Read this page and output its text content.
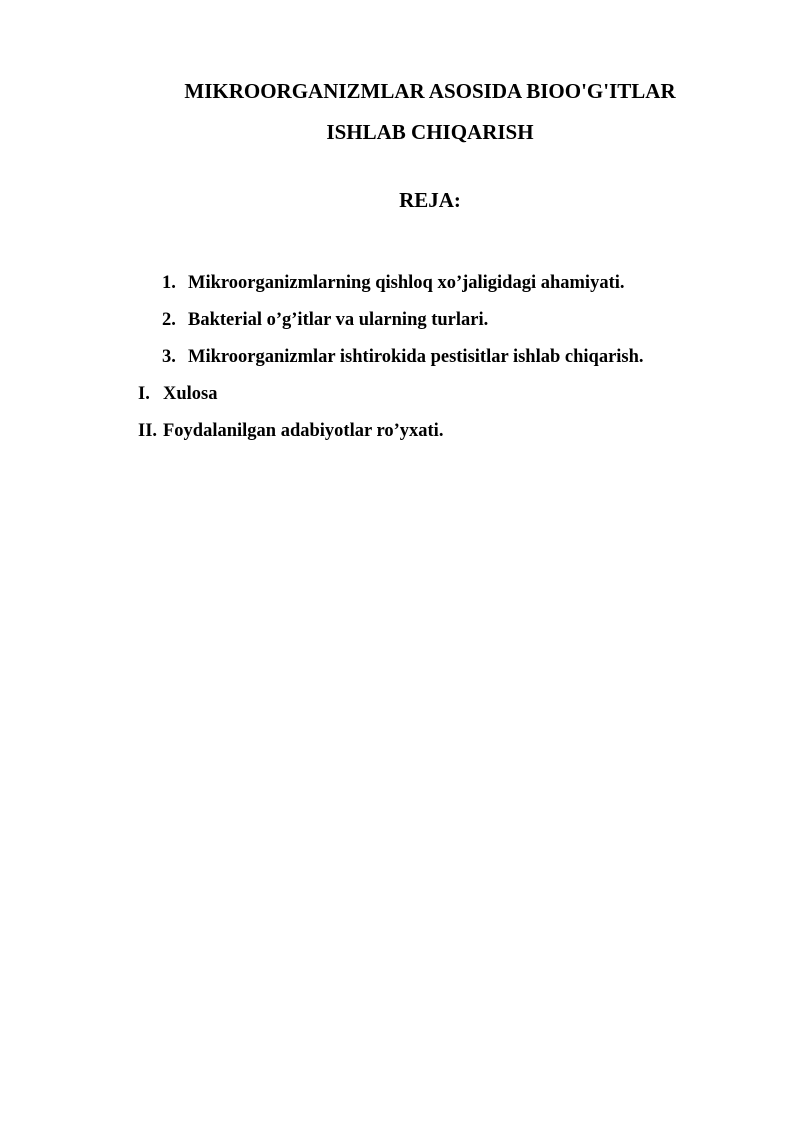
MIKROORGANIZMLAR ASOSIDA BIOO'G'ITLAR
ISHLAB CHIQARISH
REJA:
1. Mikroorganizmlarning qishloq xo’jaligidagi ahamiyati.
2. Bakterial o’g’itlar va ularning turlari.
3. Mikroorganizmlar ishtirokida pestisitlar ishlab chiqarish.
I. Xulosa
II. Foydalanilgan adabiyotlar ro’yxati.
